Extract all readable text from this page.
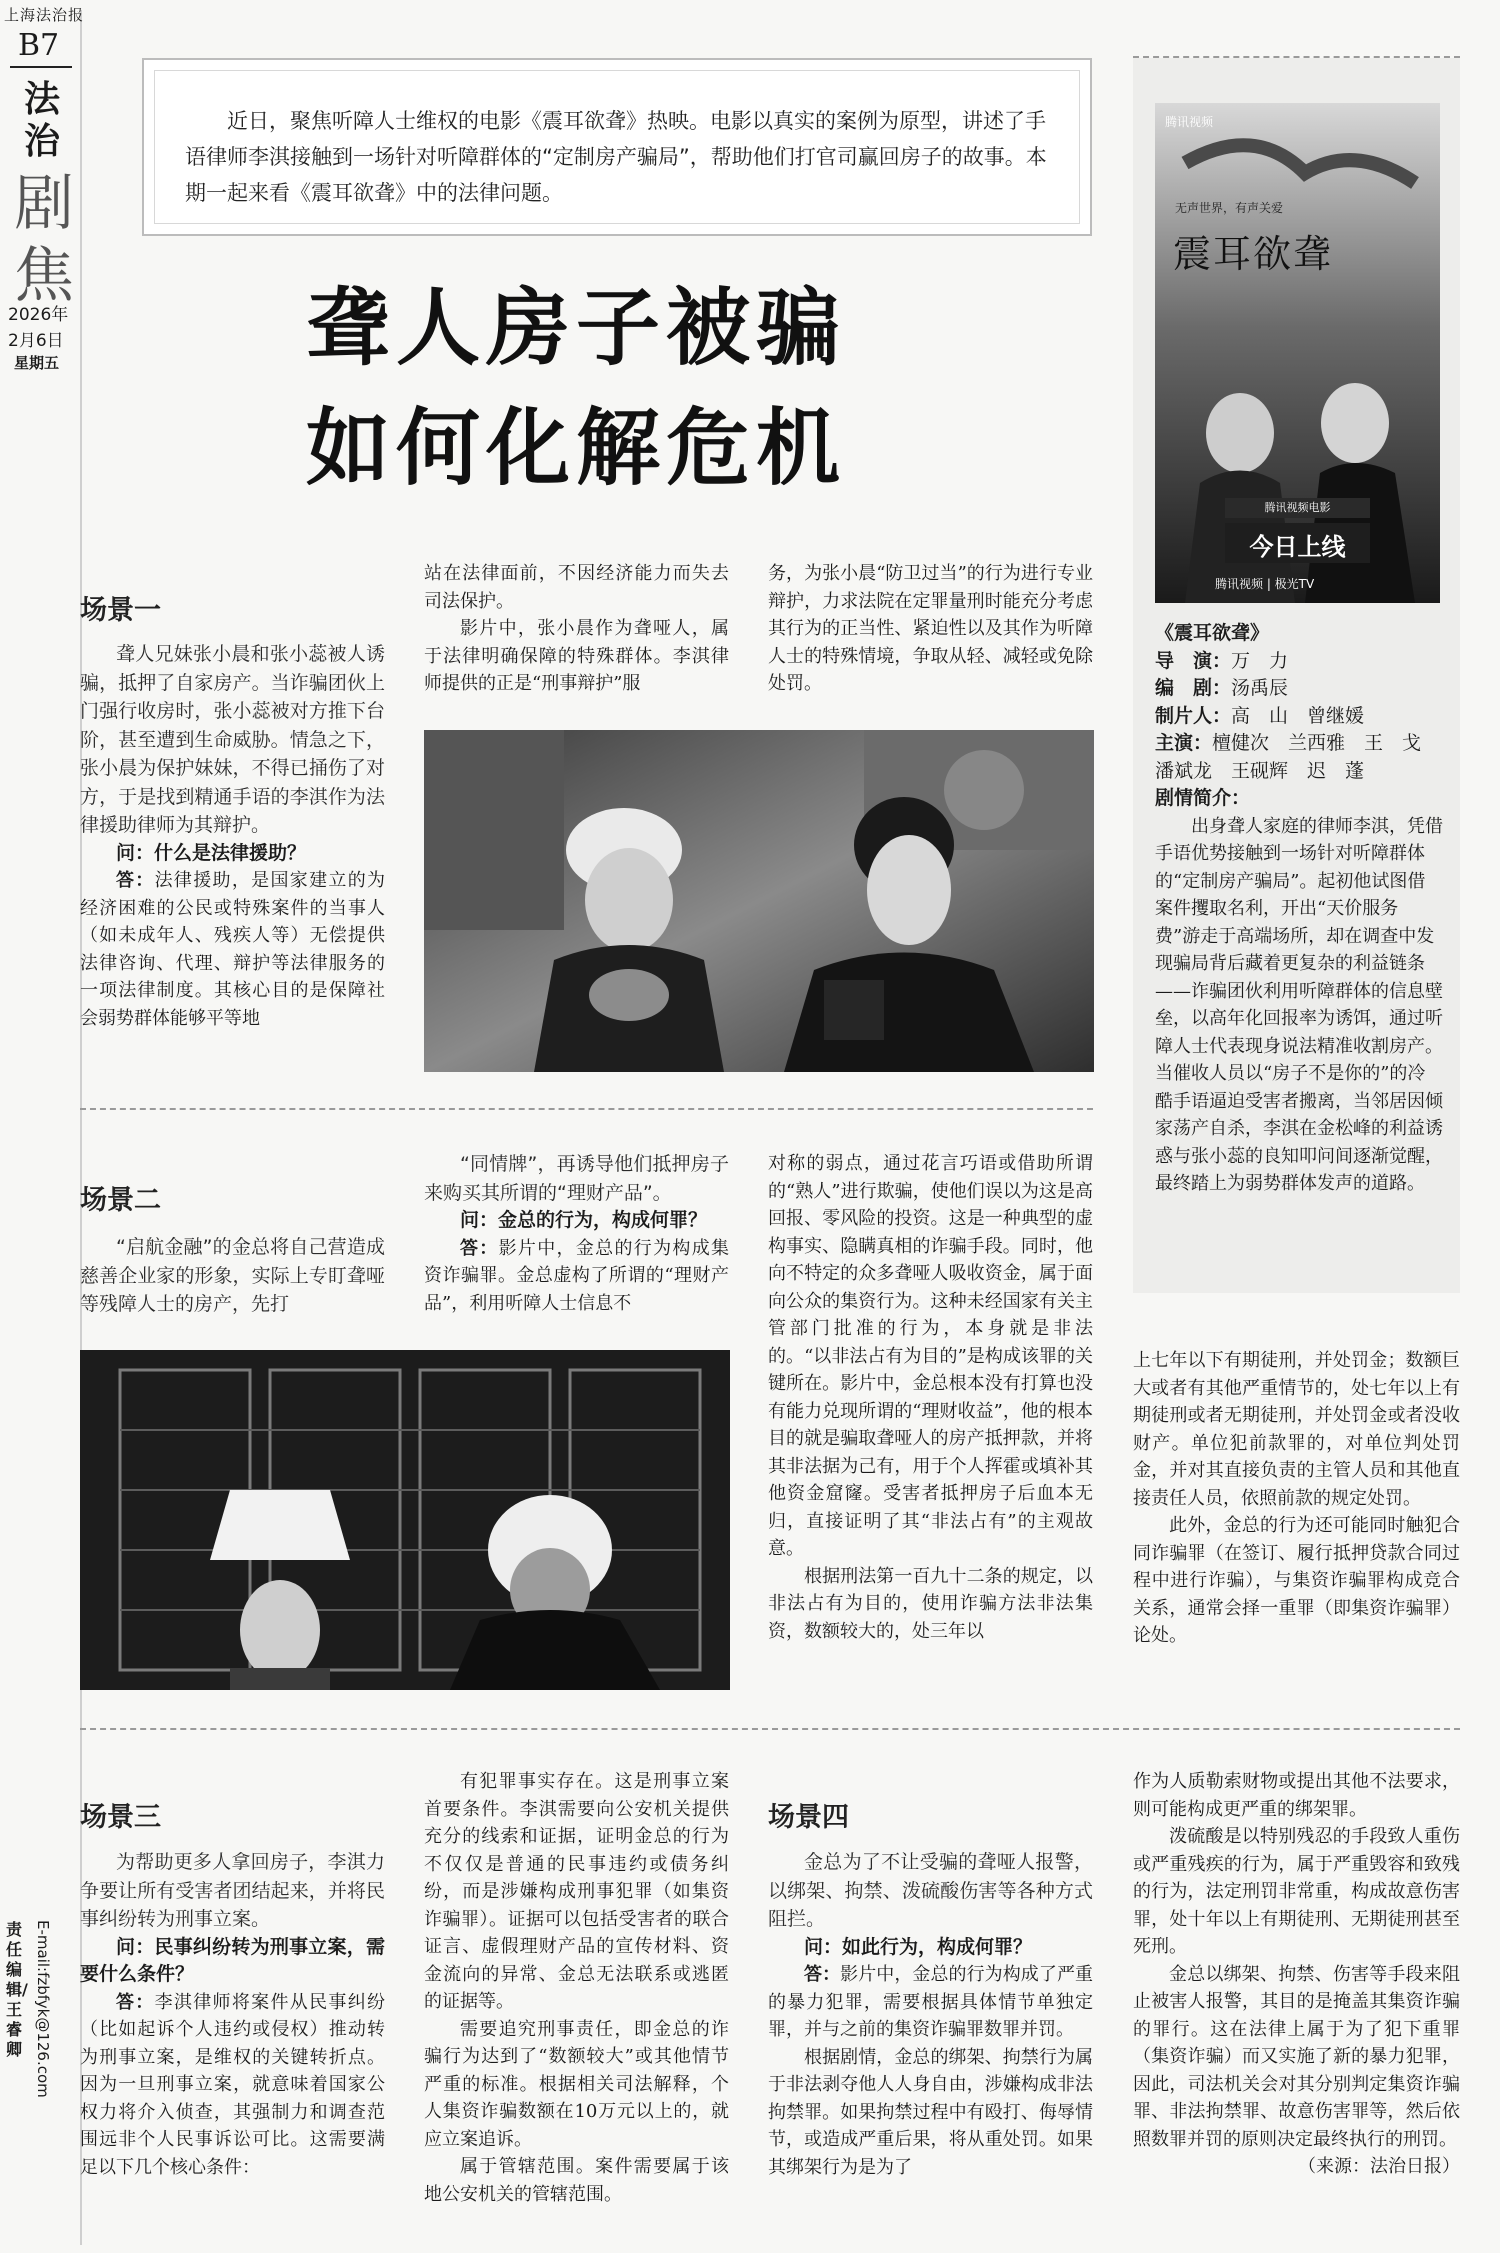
上海法治报
B7
法治
剧焦
2026年
2月6日
星期五
责任编辑/王睿卿 E-mail:fzbfyk@126.com
近日，聚焦听障人士维权的电影《震耳欲聋》热映。电影以真实的案例为原型，讲述了手语律师李淇接触到一场针对听障群体的“定制房产骗局”，帮助他们打官司赢回房子的故事。本期一起来看《震耳欲聋》中的法律问题。
聋人房子被骗
如何化解危机
场景一

聋人兄妹张小晨和张小蕊被人诱骗，抵押了自家房产。当诈骗团伙上门强行收房时，张小蕊被对方推下台阶，甚至遭到生命威胁。情急之下，张小晨为保护妹妹，不得已捅伤了对方，于是找到精通手语的李淇作为法律援助律师为其辩护。

问：什么是法律援助？

答：法律援助，是国家建立的为经济困难的公民或特殊案件的当事人（如未成年人、残疾人等）无偿提供法律咨询、代理、辩护等法律服务的一项法律制度。其核心目的是保障社会弱势群体能够平等地

站在法律面前，不因经济能力而失去司法保护。

影片中，张小晨作为聋哑人，属于法律明确保障的特殊群体。李淇律师提供的正是“刑事辩护”服

务，为张小晨“防卫过当”的行为进行专业辩护，力求法院在定罪量刑时能充分考虑其行为的正当性、紧迫性以及其作为听障人士的特殊情境，争取从轻、减轻或免除处罚。

场景二

“启航金融”的金总将自己营造成慈善企业家的形象，实际上专盯聋哑等残障人士的房产，先打

“同情牌”，再诱导他们抵押房子来购买其所谓的“理财产品”。

问：金总的行为，构成何罪？

答：影片中，金总的行为构成集资诈骗罪。金总虚构了所谓的“理财产品”，利用听障人士信息不

对称的弱点，通过花言巧语或借助所谓的“熟人”进行欺骗，使他们误以为这是高回报、零风险的投资。这是一种典型的虚构事实、隐瞒真相的诈骗手段。同时，他向不特定的众多聋哑人吸收资金，属于面向公众的集资行为。这种未经国家有关主管部门批准的行为，本身就是非法的。“以非法占有为目的”是构成该罪的关键所在。影片中，金总根本没有打算也没有能力兑现所谓的“理财收益”，他的根本目的就是骗取聋哑人的房产抵押款，并将其非法据为己有，用于个人挥霍或填补其他资金窟窿。受害者抵押房子后血本无归，直接证明了其“非法占有”的主观故意。

根据刑法第一百九十二条的规定，以非法占有为目的，使用诈骗方法非法集资，数额较大的，处三年以

上七年以下有期徒刑，并处罚金；数额巨大或者有其他严重情节的，处七年以上有期徒刑或者无期徒刑，并处罚金或者没收财产。单位犯前款罪的，对单位判处罚金，并对其直接负责的主管人员和其他直接责任人员，依照前款的规定处罚。

此外，金总的行为还可能同时触犯合同诈骗罪（在签订、履行抵押贷款合同过程中进行诈骗），与集资诈骗罪构成竞合关系，通常会择一重罪（即集资诈骗罪）论处。

场景三

为帮助更多人拿回房子，李淇力争要让所有受害者团结起来，并将民事纠纷转为刑事立案。

问：民事纠纷转为刑事立案，需要什么条件？

答：李淇律师将案件从民事纠纷（比如起诉个人违约或侵权）推动转为刑事立案，是维权的关键转折点。因为一旦刑事立案，就意味着国家公权力将介入侦查，其强制力和调查范围远非个人民事诉讼可比。这需要满足以下几个核心条件：

有犯罪事实存在。这是刑事立案首要条件。李淇需要向公安机关提供充分的线索和证据，证明金总的行为不仅仅是普通的民事违约或债务纠纷，而是涉嫌构成刑事犯罪（如集资诈骗罪）。证据可以包括受害者的联合证言、虚假理财产品的宣传材料、资金流向的异常、金总无法联系或逃匿的证据等。

需要追究刑事责任，即金总的诈骗行为达到了“数额较大”或其他情节严重的标准。根据相关司法解释，个人集资诈骗数额在10万元以上的，就应立案追诉。

属于管辖范围。案件需要属于该地公安机关的管辖范围。

场景四

金总为了不让受骗的聋哑人报警，以绑架、拘禁、泼硫酸伤害等各种方式阻拦。

问：如此行为，构成何罪？

答：影片中，金总的行为构成了严重的暴力犯罪，需要根据具体情节单独定罪，并与之前的集资诈骗罪数罪并罚。

根据剧情，金总的绑架、拘禁行为属于非法剥夺他人人身自由，涉嫌构成非法拘禁罪。如果拘禁过程中有殴打、侮辱情节，或造成严重后果，将从重处罚。如果其绑架行为是为了

作为人质勒索财物或提出其他不法要求，则可能构成更严重的绑架罪。

泼硫酸是以特别残忍的手段致人重伤或严重残疾的行为，属于严重毁容和致残的行为，法定刑罚非常重，构成故意伤害罪，处十年以上有期徒刑、无期徒刑甚至死刑。

金总以绑架、拘禁、伤害等手段来阻止被害人报警，其目的是掩盖其集资诈骗的罪行。这在法律上属于为了犯下重罪（集资诈骗）而又实施了新的暴力犯罪，因此，司法机关会对其分别判定集资诈骗罪、非法拘禁罪、故意伤害罪等，然后依照数罪并罚的原则决定最终执行的刑罚。

（来源：法治日报）

腾讯视频
无声世界，有声关爱
震耳欲聋
腾讯视频电影
今日上线
腾讯视频 | 极光TV

《震耳欲聋》

导　演：万　力

编　剧：汤禹辰

制片人：高　山　曾继媛

主演：檀健次　兰西雅　王　戈　潘斌龙　王砚辉　迟　蓬

剧情简介：

出身聋人家庭的律师李淇，凭借手语优势接触到一场针对听障群体的“定制房产骗局”。起初他试图借案件攫取名利，开出“天价服务费”游走于高端场所，却在调查中发现骗局背后藏着更复杂的利益链条——诈骗团伙利用听障群体的信息壁垒，以高年化回报率为诱饵，通过听障人士代表现身说法精准收割房产。当催收人员以“房子不是你的”的冷酷手语逼迫受害者搬离，当邻居因倾家荡产自杀，李淇在金松峰的利益诱惑与张小蕊的良知叩问间逐渐觉醒，最终踏上为弱势群体发声的道路。
